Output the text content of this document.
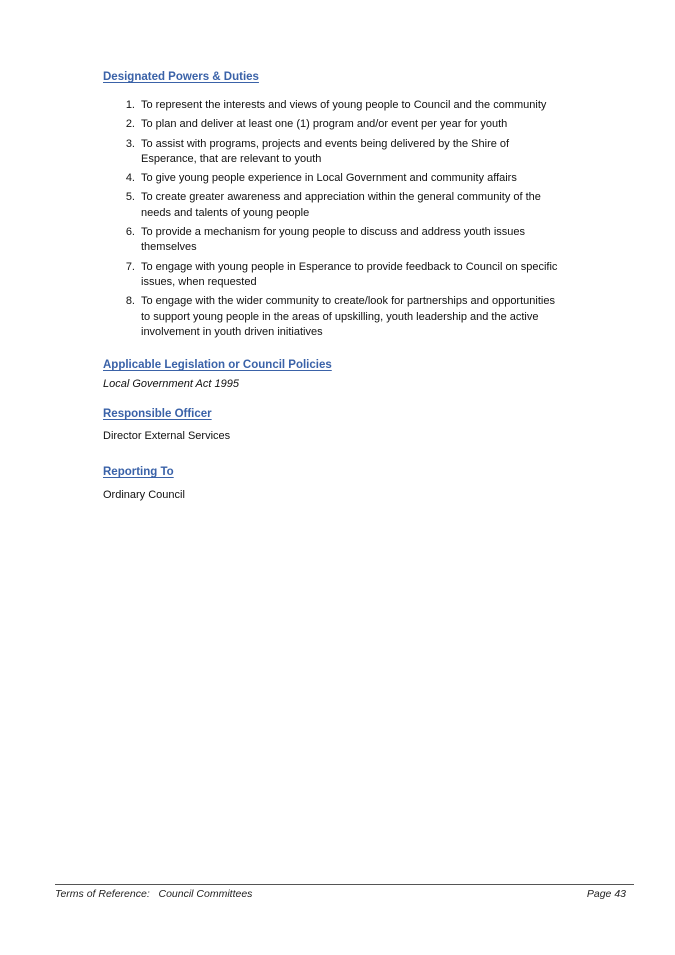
Designated Powers & Duties
1. To represent the interests and views of young people to Council and the community
2. To plan and deliver at least one (1) program and/or event per year for youth
3. To assist with programs, projects and events being delivered by the Shire of
Esperance, that are relevant to youth
4. To give young people experience in Local Government and community affairs
5. To create greater awareness and appreciation within the general community of the
needs and talents of young people
6. To provide a mechanism for young people to discuss and address youth issues
themselves
7. To engage with young people in Esperance to provide feedback to Council on specific
issues, when requested
8. To engage with the wider community to create/look for partnerships and opportunities
to support young people in the areas of upskilling, youth leadership and the active
involvement in youth driven initiatives
Applicable Legislation or Council Policies

Local Government Act 1995

Responsible Officer

Director External Services

Reporting To

Ordinary Council

Terms of Reference:   Council Committees	Page 43
